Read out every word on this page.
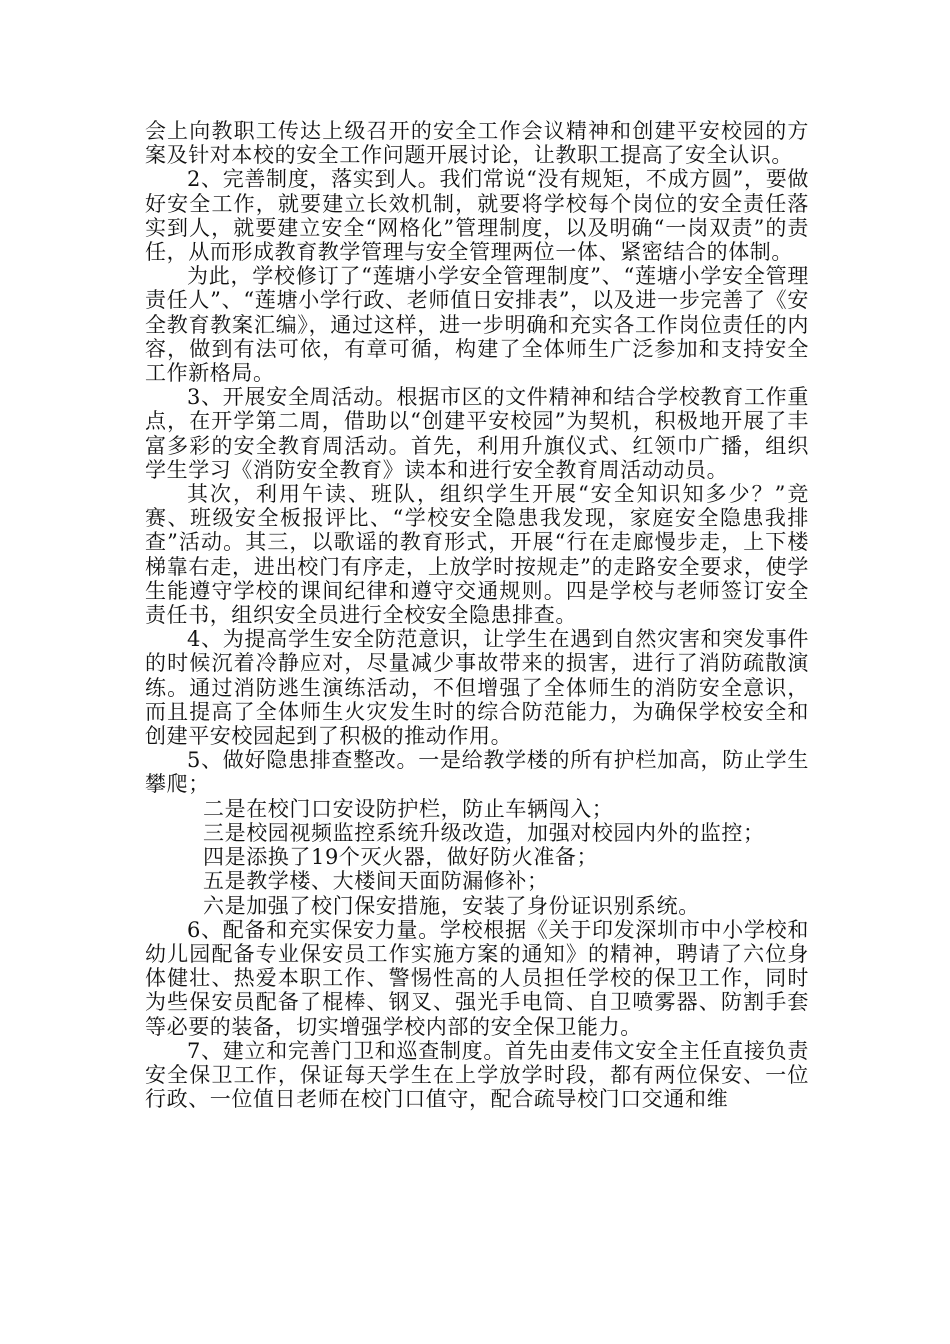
会上向教职工传达上级召开的安全工作会议精神和创建平安校园的方案及针对本校的安全工作问题开展讨论，让教职工提高了安全认识。

2、完善制度，落实到人。我们常说“没有规矩，不成方圆”，要做好安全工作，就要建立长效机制，就要将学校每个岗位的安全责任落实到人，就要建立安全“网格化”管理制度，以及明确“一岗双责”的责任，从而形成教育教学管理与安全管理两位一体、紧密结合的体制。

为此，学校修订了“莲塘小学安全管理制度”、“莲塘小学安全管理责任人”、“莲塘小学行政、老师值日安排表”，以及进一步完善了《安全教育教案汇编》，通过这样，进一步明确和充实各工作岗位责任的内容，做到有法可依，有章可循，构建了全体师生广泛参加和支持安全工作新格局。

3、开展安全周活动。根据市区的文件精神和结合学校教育工作重点，在开学第二周，借助以“创建平安校园”为契机，积极地开展了丰富多彩的安全教育周活动。首先，利用升旗仪式、红领巾广播，组织学生学习《消防安全教育》读本和进行安全教育周活动动员。

其次，利用午读、班队，组织学生开展“安全知识知多少？”竞赛、班级安全板报评比、“学校安全隐患我发现，家庭安全隐患我排查”活动。其三，以歌谣的教育形式，开展“行在走廊慢步走，上下楼梯靠右走，进出校门有序走，上放学时按规走”的走路安全要求，使学生能遵守学校的课间纪律和遵守交通规则。四是学校与老师签订安全责任书，组织安全员进行全校安全隐患排查。

4、为提高学生安全防范意识，让学生在遇到自然灾害和突发事件的时候沉着冷静应对，尽量减少事故带来的损害，进行了消防疏散演练。通过消防逃生演练活动，不但增强了全体师生的消防安全意识，而且提高了全体师生火灾发生时的综合防范能力，为确保学校安全和创建平安校园起到了积极的推动作用。

5、做好隐患排查整改。一是给教学楼的所有护栏加高，防止学生攀爬；

二是在校门口安设防护栏，防止车辆闯入；

三是校园视频监控系统升级改造，加强对校园内外的监控；

四是添换了19个灭火器，做好防火准备；

五是教学楼、大楼间天面防漏修补；

六是加强了校门保安措施，安装了身份证识别系统。

6、配备和充实保安力量。学校根据《关于印发深圳市中小学校和幼儿园配备专业保安员工作实施方案的通知》的精神，聘请了六位身体健壮、热爱本职工作、警惕性高的人员担任学校的保卫工作，同时为些保安员配备了棍棒、钢叉、强光手电筒、自卫喷雾器、防割手套等必要的装备，切实增强学校内部的安全保卫能力。

7、建立和完善门卫和巡查制度。首先由麦伟文安全主任直接负责安全保卫工作，保证每天学生在上学放学时段，都有两位保安、一位行政、一位值日老师在校门口值守，配合疏导校门口交通和维
